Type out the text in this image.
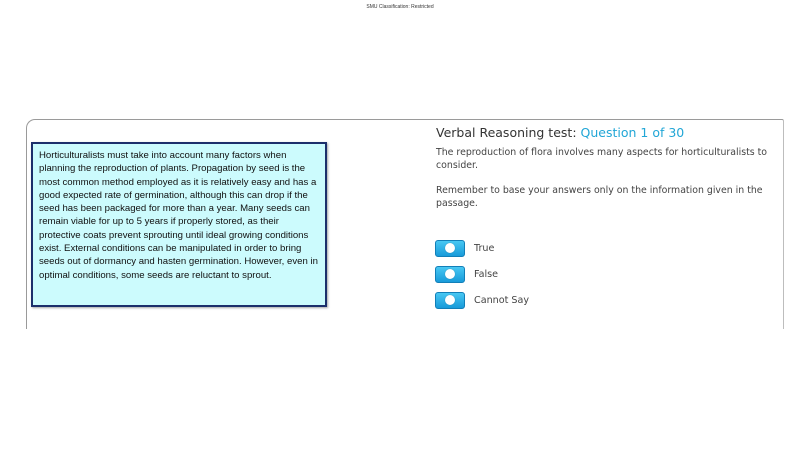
SMU Classification: Restricted
Horticulturalists must take into account many factors when planning the reproduction of plants. Propagation by seed is the most common method employed as it is relatively easy and has a good expected rate of germination, although this can drop if the seed has been packaged for more than a year. Many seeds can remain viable for up to 5 years if properly stored, as their protective coats prevent sprouting until ideal growing conditions exist. External conditions can be manipulated in order to bring seeds out of dormancy and hasten germination. However, even in optimal conditions, some seeds are reluctant to sprout.
Verbal Reasoning test: Question 1 of 30
The reproduction of flora involves many aspects for horticulturalists to consider.
Remember to base your answers only on the information given in the passage.
True
False
Cannot Say
